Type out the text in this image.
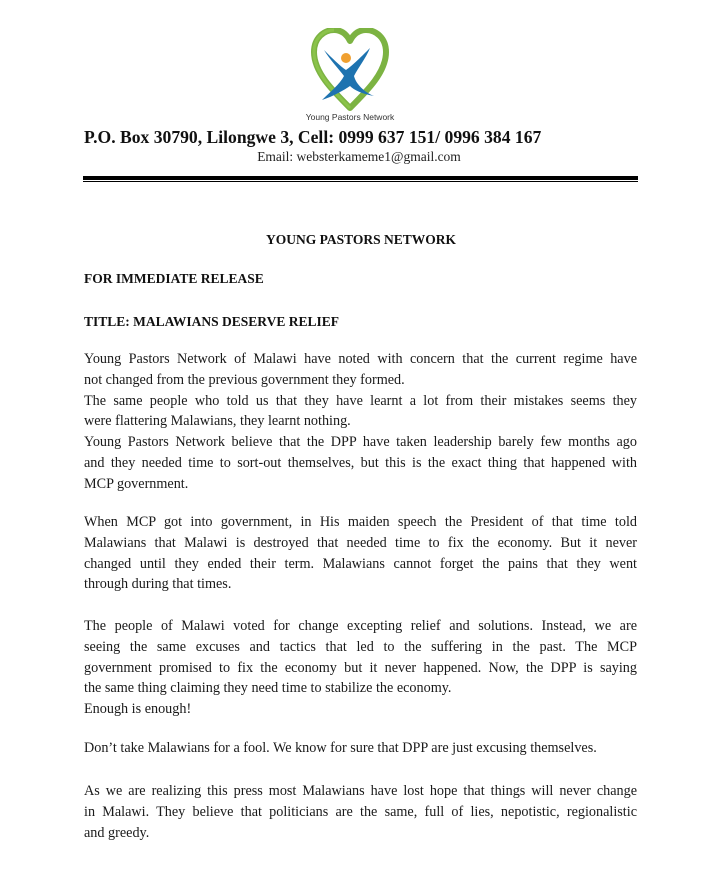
Young Pastors Network
P.O. Box 30790, Lilongwe 3, Cell: 0999 637 151/ 0996 384 167
Email: websterkameme1@gmail.com
YOUNG PASTORS NETWORK
FOR IMMEDIATE RELEASE
TITLE: MALAWIANS DESERVE RELIEF

Young Pastors Network of Malawi have noted with concern that the current regime have

not changed from the previous government they formed.

The same people who told us that they have learnt a lot from their mistakes seems they

were flattering Malawians, they learnt nothing.

Young Pastors Network believe that the DPP have taken leadership barely few months ago

and they needed time to sort-out themselves, but this is the exact thing that happened with

MCP government.

When MCP got into government, in His maiden speech the President of that time told

Malawians that Malawi is destroyed that needed time to fix the economy. But it never

changed until they ended their term. Malawians cannot forget the pains that they went

through during that times.

The people of Malawi voted for change excepting relief and solutions. Instead, we are

seeing the same excuses and tactics that led to the suffering in the past. The MCP

government promised to fix the economy but it never happened. Now, the DPP is saying

the same thing claiming they need time to stabilize the economy.

Enough is enough!

Don’t take Malawians for a fool. We know for sure that DPP are just excusing themselves.

As we are realizing this press most Malawians have lost hope that things will never change

in Malawi. They believe that politicians are the same, full of lies, nepotistic, regionalistic

and greedy.
